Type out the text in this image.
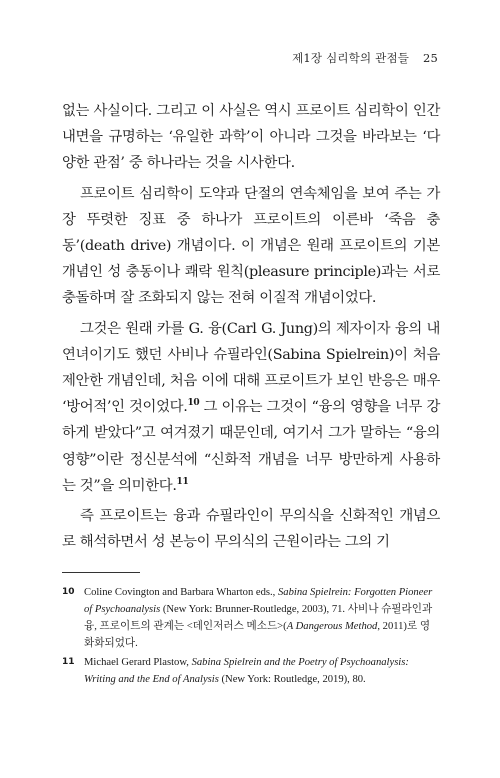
제1장 심리학의 관점들 25

없는 사실이다. 그리고 이 사실은 역시 프로이트 심리학이 인간 내면을 규명하는 ‘유일한 과학’이 아니라 그것을 바라보는 ‘다양한 관점’ 중 하나라는 것을 시사한다.

프로이트 심리학이 도약과 단절의 연속체임을 보여 주는 가장 뚜렷한 징표 중 하나가 프로이트의 이른바 ‘죽음 충동’(death drive) 개념이다. 이 개념은 원래 프로이트의 기본 개념인 성 충동이나 쾌락 원칙(pleasure principle)과는 서로 충돌하며 잘 조화되지 않는 전혀 이질적 개념이었다.

그것은 원래 카를 G. 융(Carl G. Jung)의 제자이자 융의 내연녀이기도 했던 사비나 슈필라인(Sabina Spielrein)이 처음 제안한 개념인데, 처음 이에 대해 프로이트가 보인 반응은 매우 ‘방어적’인 것이었다.$^{10}$ 그 이유는 그것이 “융의 영향을 너무 강하게 받았다”고 여겨졌기 때문인데, 여기서 그가 말하는 “융의 영향”이란 정신분석에 “신화적 개념을 너무 방만하게 사용하는 것”을 의미한다.$^{11}$

즉 프로이트는 융과 슈필라인이 무의식을 신화적인 개념으로 해석하면서 성 본능이 무의식의 근원이라는 그의 기

10 Coline Covington and Barbara Wharton eds., Sabina Spielrein: Forgotten Pioneer of Psychoanalysis (New York: Brunner-Routledge, 2003), 71. 사비나 슈필라인과 융, 프로이트의 관계는 <데인저러스 메소드>(A Dangerous Method, 2011)로 영화화되었다.
11 Michael Gerard Plastow, Sabina Spielrein and the Poetry of Psychoanalysis: Writing and the End of Analysis (New York: Routledge, 2019), 80.
